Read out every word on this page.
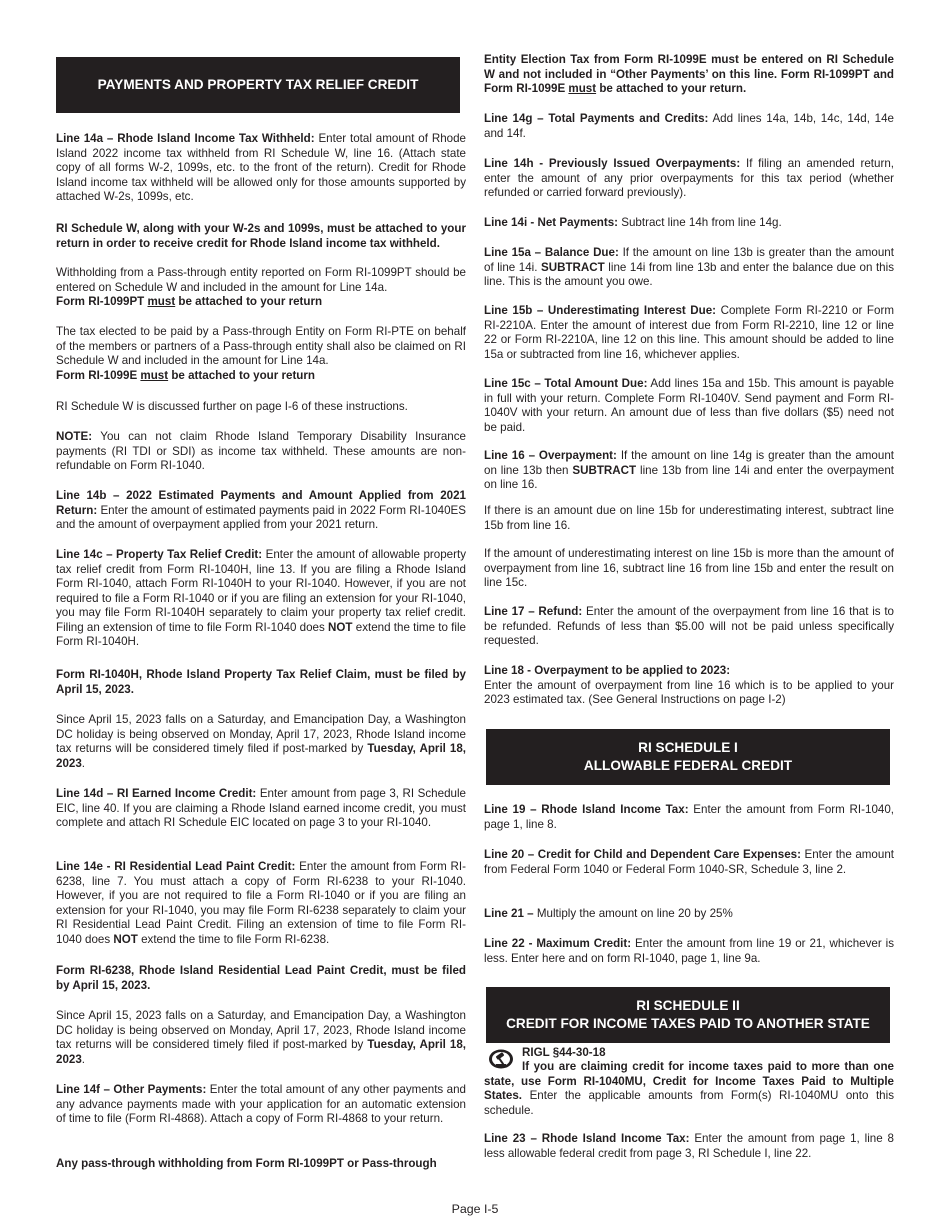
PAYMENTS AND PROPERTY TAX RELIEF CREDIT

Line 14a – Rhode Island Income Tax Withheld: Enter total amount of Rhode Island 2022 income tax withheld from RI Schedule W, line 16. (Attach state copy of all forms W-2, 1099s, etc. to the front of the return). Credit for Rhode Island income tax withheld will be allowed only for those amounts supported by attached W-2s, 1099s, etc.

RI Schedule W, along with your W-2s and 1099s, must be attached to your return in order to receive credit for Rhode Island income tax withheld.

Withholding from a Pass-through entity reported on Form RI-1099PT should be entered on Schedule W and included in the amount for Line 14a.
Form RI-1099PT must be attached to your return

The tax elected to be paid by a Pass-through Entity on Form RI-PTE on behalf of the members or partners of a Pass-through entity shall also be claimed on RI Schedule W and included in the amount for Line 14a.
Form RI-1099E must be attached to your return

RI Schedule W is discussed further on page I-6 of these instructions.

NOTE: You can not claim Rhode Island Temporary Disability Insurance payments (RI TDI or SDI) as income tax withheld. These amounts are non-refundable on Form RI-1040.

Line 14b – 2022 Estimated Payments and Amount Applied from 2021 Return: Enter the amount of estimated payments paid in 2022 Form RI-1040ES and the amount of overpayment applied from your 2021 return.

Line 14c – Property Tax Relief Credit: Enter the amount of allowable property tax relief credit from Form RI-1040H, line 13. If you are filing a Rhode Island Form RI-1040, attach Form RI-1040H to your RI-1040. However, if you are not required to file a Form RI-1040 or if you are filing an extension for your RI-1040, you may file Form RI-1040H separately to claim your property tax relief credit. Filing an extension of time to file Form RI-1040 does NOT extend the time to file Form RI-1040H.

Form RI-1040H, Rhode Island Property Tax Relief Claim, must be filed by April 15, 2023.

Since April 15, 2023 falls on a Saturday, and Emancipation Day, a Washington DC holiday is being observed on Monday, April 17, 2023, Rhode Island income tax returns will be considered timely filed if post-marked by Tuesday, April 18, 2023.

Line 14d – RI Earned Income Credit: Enter amount from page 3, RI Schedule EIC, line 40. If you are claiming a Rhode Island earned income credit, you must complete and attach RI Schedule EIC located on page 3 to your RI-1040.

Line 14e - RI Residential Lead Paint Credit: Enter the amount from Form RI-6238, line 7. You must attach a copy of Form RI-6238 to your RI-1040. However, if you are not required to file a Form RI-1040 or if you are filing an extension for your RI-1040, you may file Form RI-6238 separately to claim your RI Residential Lead Paint Credit. Filing an extension of time to file Form RI-1040 does NOT extend the time to file Form RI-6238.

Form RI-6238, Rhode Island Residential Lead Paint Credit, must be filed by April 15, 2023.

Since April 15, 2023 falls on a Saturday, and Emancipation Day, a Washington DC holiday is being observed on Monday, April 17, 2023, Rhode Island income tax returns will be considered timely filed if post-marked by Tuesday, April 18, 2023.

Line 14f – Other Payments: Enter the total amount of any other payments and any advance payments made with your application for an automatic extension of time to file (Form RI-4868). Attach a copy of Form RI-4868 to your return.

Any pass-through withholding from Form RI-1099PT or Pass-through

Entity Election Tax from Form RI-1099E must be entered on RI Schedule W and not included in “Other Payments’ on this line. Form RI-1099PT and Form RI-1099E must be attached to your return.

Line 14g – Total Payments and Credits: Add lines 14a, 14b, 14c, 14d, 14e and 14f.

Line 14h - Previously Issued Overpayments: If filing an amended return, enter the amount of any prior overpayments for this tax period (whether refunded or carried forward previously).

Line 14i - Net Payments: Subtract line 14h from line 14g.

Line 15a – Balance Due: If the amount on line 13b is greater than the amount of line 14i. SUBTRACT line 14i from line 13b and enter the balance due on this line. This is the amount you owe.

Line 15b – Underestimating Interest Due: Complete Form RI-2210 or Form RI-2210A. Enter the amount of interest due from Form RI-2210, line 12 or line 22 or Form RI-2210A, line 12 on this line. This amount should be added to line 15a or subtracted from line 16, whichever applies.

Line 15c – Total Amount Due: Add lines 15a and 15b. This amount is payable in full with your return. Complete Form RI-1040V. Send payment and Form RI-1040V with your return. An amount due of less than five dollars ($5) need not be paid.

Line 16 – Overpayment: If the amount on line 14g is greater than the amount on line 13b then SUBTRACT line 13b from line 14i and enter the overpayment on line 16.

If there is an amount due on line 15b for underestimating interest, subtract line 15b from line 16.

If the amount of underestimating interest on line 15b is more than the amount of overpayment from line 16, subtract line 16 from line 15b and enter the result on line 15c.

Line 17 – Refund: Enter the amount of the overpayment from line 16 that is to be refunded. Refunds of less than $5.00 will not be paid unless specifically requested.

Line 18 - Overpayment to be applied to 2023:
Enter the amount of overpayment from line 16 which is to be applied to your 2023 estimated tax. (See General Instructions on page I-2)

RI SCHEDULE I
ALLOWABLE FEDERAL CREDIT

Line 19 – Rhode Island Income Tax: Enter the amount from Form RI-1040, page 1, line 8.

Line 20 – Credit for Child and Dependent Care Expenses: Enter the amount from Federal Form 1040 or Federal Form 1040-SR, Schedule 3, line 2.

Line 21 – Multiply the amount on line 20 by 25%

Line 22 - Maximum Credit: Enter the amount from line 19 or 21, whichever is less. Enter here and on form RI-1040, page 1, line 9a.

RI SCHEDULE II
CREDIT FOR INCOME TAXES PAID TO ANOTHER STATE

RIGL §44-30-18

If you are claiming credit for income taxes paid to more than one state, use Form RI-1040MU, Credit for Income Taxes Paid to Multiple States. Enter the applicable amounts from Form(s) RI-1040MU onto this schedule.

Line 23 – Rhode Island Income Tax: Enter the amount from page 1, line 8 less allowable federal credit from page 3, RI Schedule I, line 22.

Page I-5
